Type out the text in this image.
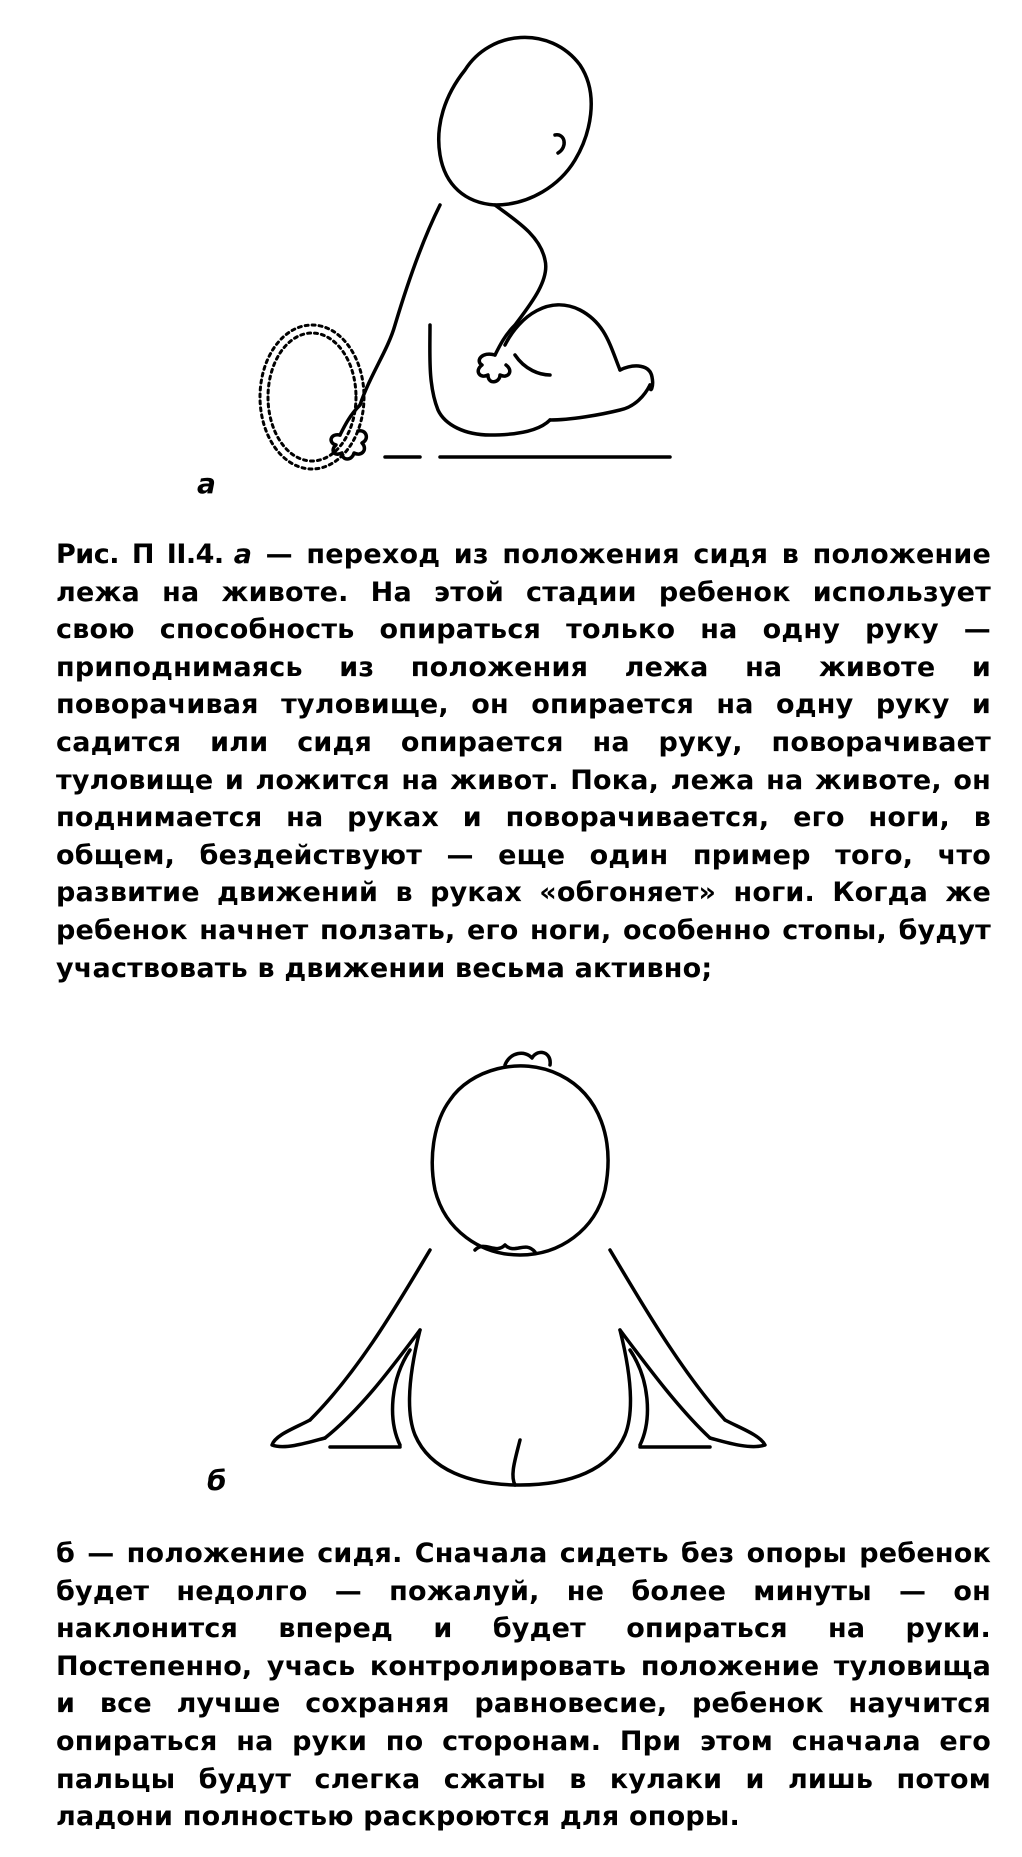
а

Рис. П II.4. а — переход из положения сидя в положение лежа на животе. На этой стадии ребенок использует свою способность опираться только на одну руку — приподнимаясь из положения лежа на животе и поворачивая туловище, он опирается на одну руку и садится или сидя опирается на руку, поворачивает туловище и ложится на живот. Пока, лежа на животе, он поднимается на руках и поворачивается, его ноги, в общем, бездействуют — еще один пример того, что развитие движений в руках «обгоняет» ноги. Когда же ребенок начнет ползать, его ноги, особенно стопы, будут участвовать в движении весьма активно;

б

б — положение сидя. Сначала сидеть без опоры ребенок будет недолго — пожалуй, не более минуты — он наклонится вперед и будет опираться на руки. Постепенно, учась контролировать положение туловища и все лучше сохраняя равновесие, ребенок научится опираться на руки по сторонам. При этом сначала его пальцы будут слегка сжаты в кулаки и лишь потом ладони полностью раскроются для опоры.
